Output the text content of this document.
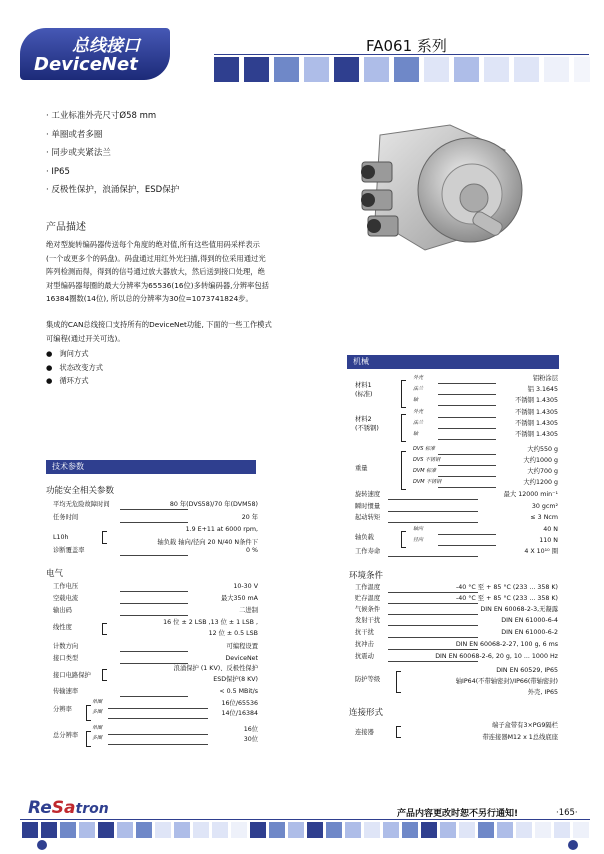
总线接口
DeviceNet
FA061 系列
· 工业标准外壳尺寸Ø58 mm
· 单圈或者多圈
· 同步或夹紧法兰
· IP65
· 反极性保护，浪涌保护，ESD保护
产品描述
绝对型旋转编码器传送每个角度的绝对值,所有这些值用码采样表示
(一个或更多个的码盘)。码盘通过用红外光扫描,得到的位采用通过光
阵列检测而得，得到的信号通过放大器放大，然后送到接口处理，绝
对型编码器每圈的最大分辨率为65536(16位)多转编码器,分辨率包括
16384圈数(14位), 所以总的分辨率为30位=1073741824步。
集成的CAN总线接口支持所有的DeviceNet功能, 下面的一些工作模式
可编程(通过开关可选)。
●   询问方式
●   状态改变方式
●   循环方式
技术参数
功能安全相关参数
平均无危险故障时间	80 年(DVS58)/70 年(DVM58)
任务时间	20 年
L10h
1.9 E+11 at 6000 rpm,
轴负载 轴向/径向 20 N/40 N条件下
诊断覆盖率	0 %
电气
工作电压	10-30 V
空载电流	最大350 mA
输出码	二进制
线性度
16 位 ± 2 LSB ,13 位 ± 1 LSB ,
12 位 ± 0.5 LSB
计数方向	可编程设置
接口类型	DeviceNet
接口电路保护
浪涌保护 (1 KV)、反极性保护
ESD保护(8 KV)
传输速率	< 0.5 MBit/s
分辨率
单圈	16位/65536
多圈	14位/16384
总分辨率
单圈	16位
多圈	30位
机械
材料1
(标准)
外壳	铝粉涂层
法兰	铝 3.1645
轴	不锈钢 1.4305
材料2
(不锈钢)
外壳	不锈钢 1.4305
法兰	不锈钢 1.4305
轴	不锈钢 1.4305
重量
DVS 标准	大约550 g
DVS 不锈钢	大约1000 g
DVM 标准	大约700 g
DVM 不锈钢	大约1200 g
旋转速度	最大 12000 min⁻¹
瞬时惯量	30 gcm²
起动转矩	≤ 3 Ncm
轴负载
轴向	40 N
径向	110 N
工作寿命	4 X 10¹⁰ 圈
工作温度	-40 °C 至 + 85 °C (233 ... 358 K)
贮存温度	-40 °C 至 + 85 °C (233 ... 358 K)
气候条件	DIN EN 60068-2-3,无凝露
发射干扰	DIN EN 61000-6-4
抗干扰	DIN EN 61000-6-2
抗冲击	DIN EN 60068-2-27, 100 g, 6 ms
抗震动	DIN EN 60068-2-6, 20 g, 10 ... 1000 Hz
防护等级
DIN EN 60529, IP65
轴IP64(不带轴密封)/IP66(带轴密封)
外壳, IP65
连接器
端子盒带有3×PG9隔栏
带连接器M12 x 1总线底座
环境条件
连接形式
ReSatron	产品内容更改时恕不另行通知!	·165·
